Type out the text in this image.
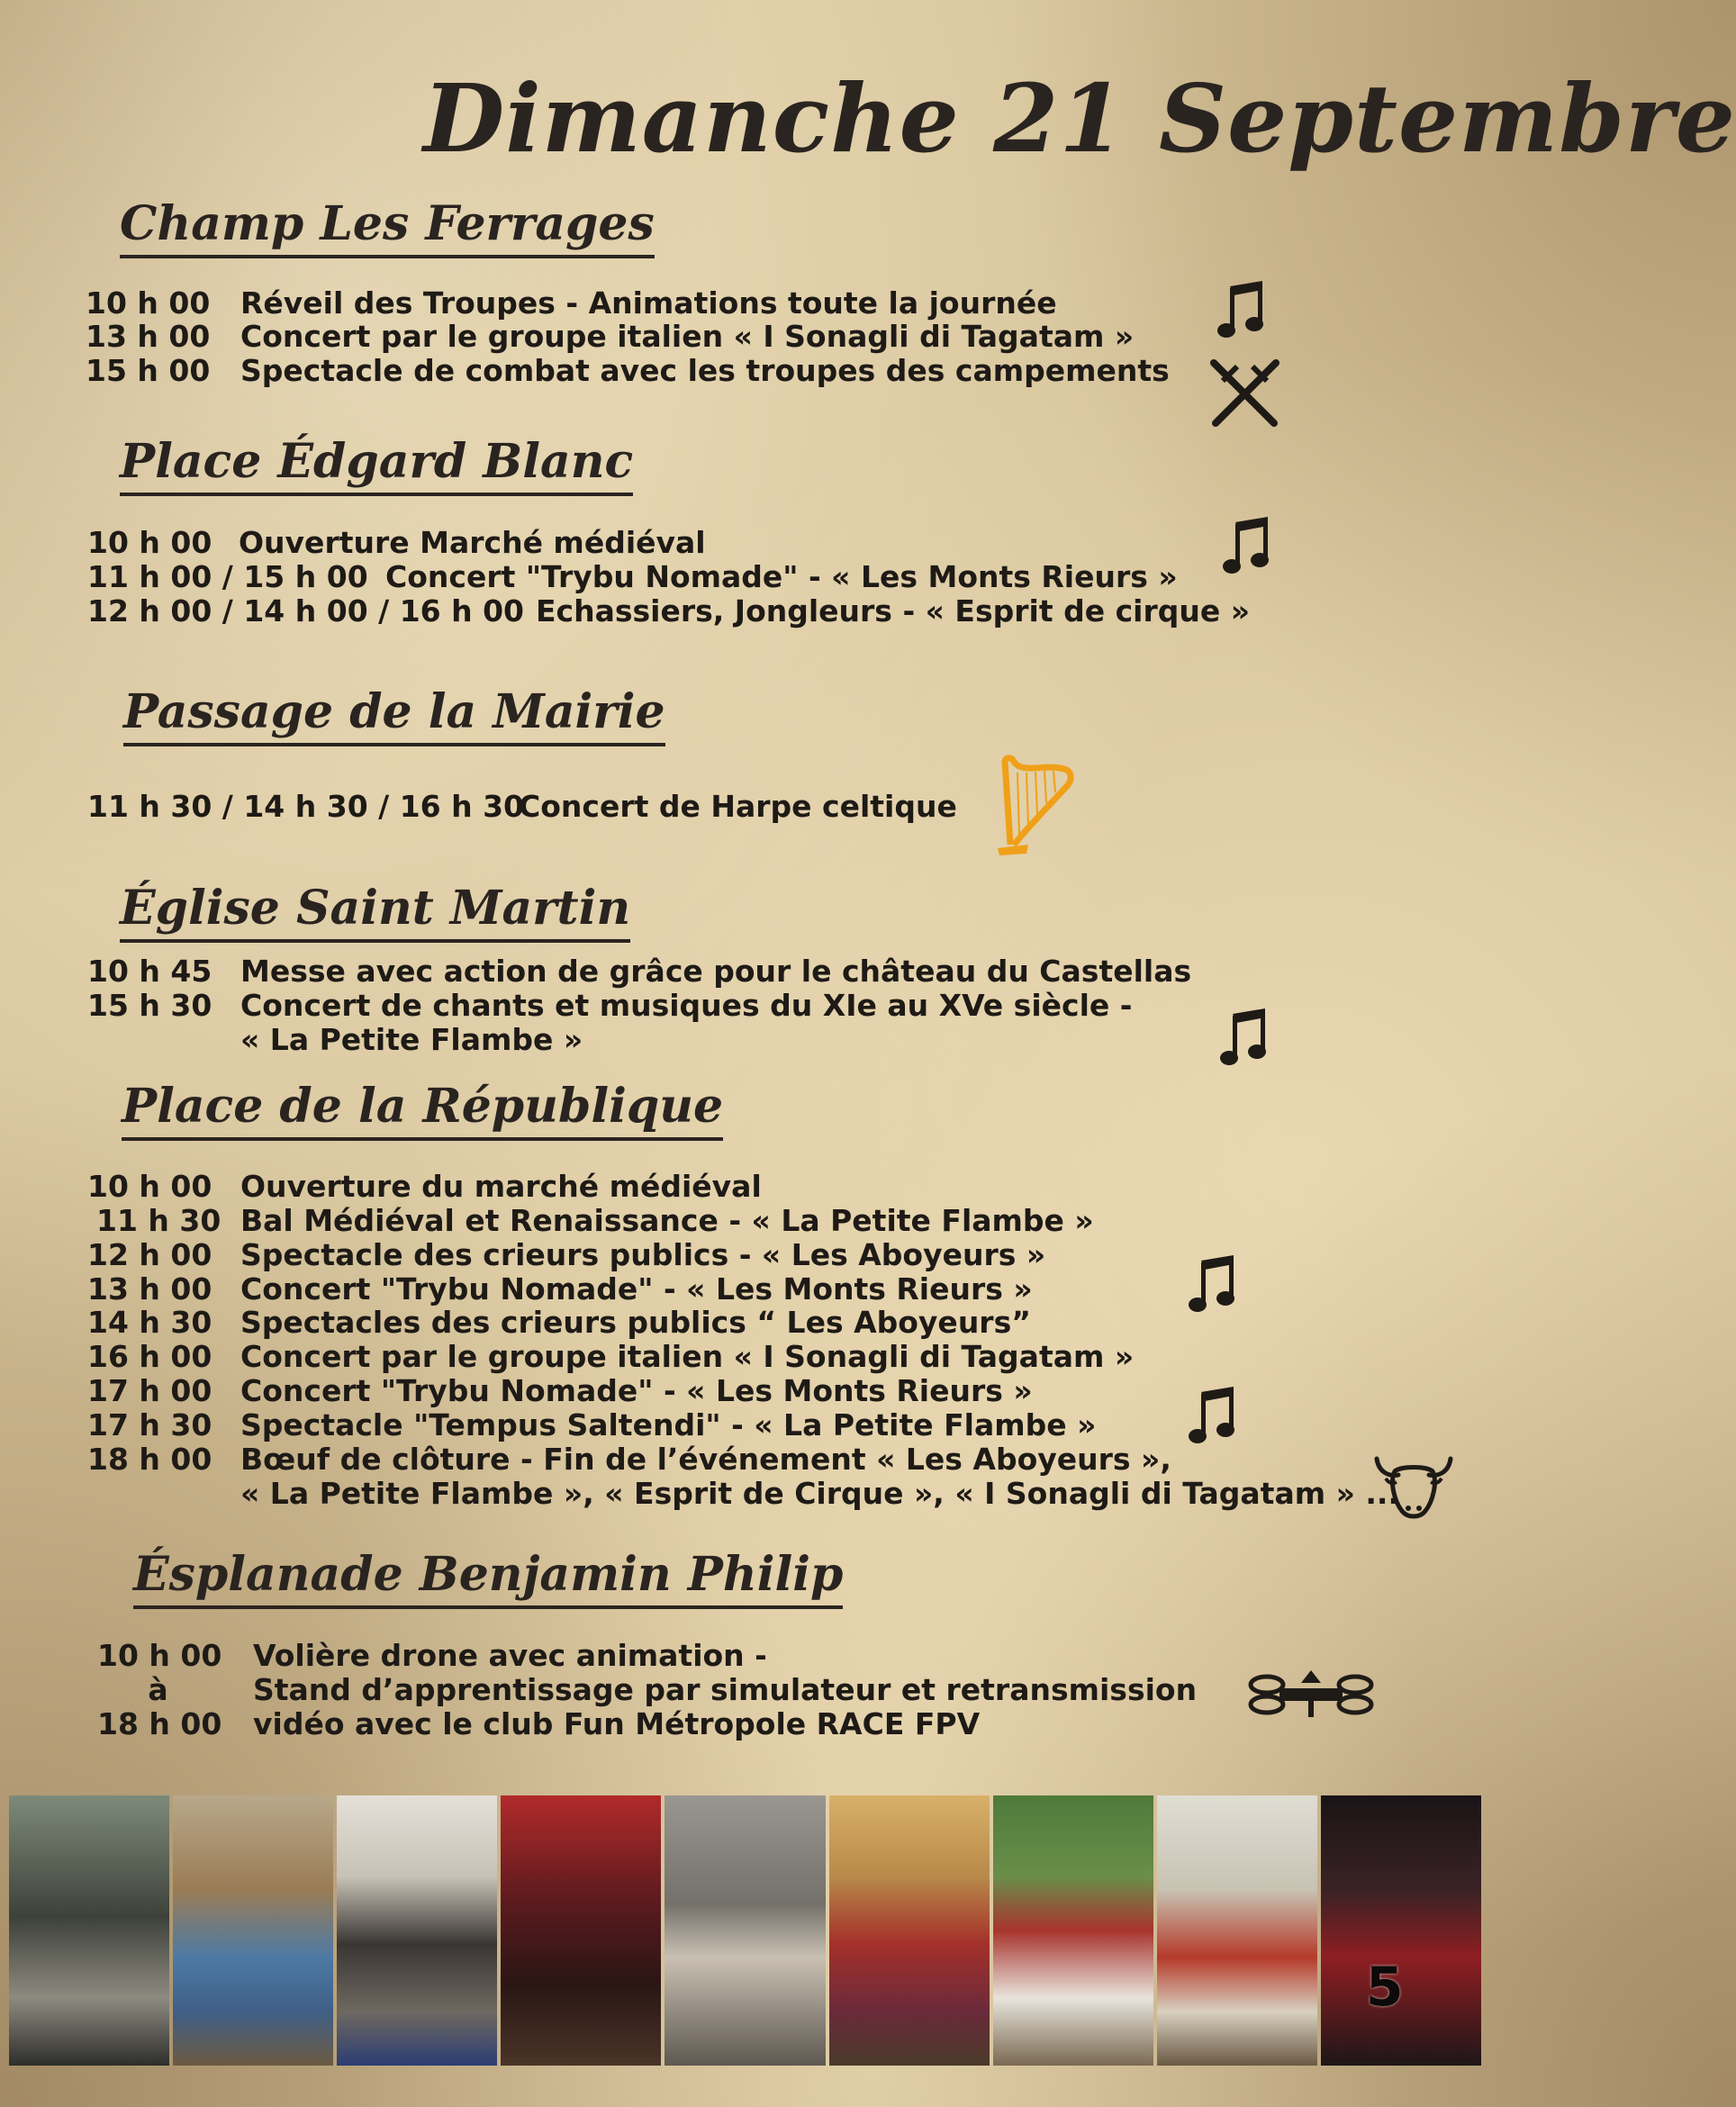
Dimanche 21 Septembre
Champ Les Ferrages
10 h 00 Réveil des Troupes - Animations toute la journée
13 h 00 Concert par le groupe italien « I Sonagli di Tagatam »
15 h 00 Spectacle de combat avec les troupes des campements
Place Édgard Blanc
10 h 00 Ouverture Marché médiéval
11 h 00 / 15 h 00 Concert "Trybu Nomade" - « Les Monts Rieurs »
12 h 00 / 14 h 00 / 16 h 00 Echassiers, Jongleurs - « Esprit de cirque »
Passage de la Mairie
11 h 30 / 14 h 30 / 16 h 30
Concert de Harpe celtique
Église Saint Martin
10 h 45 Messe avec action de grâce pour le château du Castellas
15 h 30 Concert de chants et musiques du XIe au XVe siècle -
« La Petite Flambe »
Place de la République
10 h 00 Ouverture du marché médiéval
11 h 30 Bal Médiéval et Renaissance - « La Petite Flambe »
12 h 00 Spectacle des crieurs publics - « Les Aboyeurs »
13 h 00 Concert "Trybu Nomade" - « Les Monts Rieurs »
14 h 30 Spectacles des crieurs publics “ Les Aboyeurs”
16 h 00 Concert par le groupe italien « I Sonagli di Tagatam »
17 h 00 Concert "Trybu Nomade" - « Les Monts Rieurs »
17 h 30 Spectacle "Tempus Saltendi" - « La Petite Flambe »
18 h 00 Bœuf de clôture - Fin de l’événement « Les Aboyeurs »,
« La Petite Flambe », « Esprit de Cirque », « I Sonagli di Tagatam » ...
Ésplanade Benjamin Philip
10 h 00 Volière drone avec animation -
à	Stand d’apprentissage par simulateur et retransmission
18 h 00 vidéo avec le club Fun Métropole RACE FPV
5
